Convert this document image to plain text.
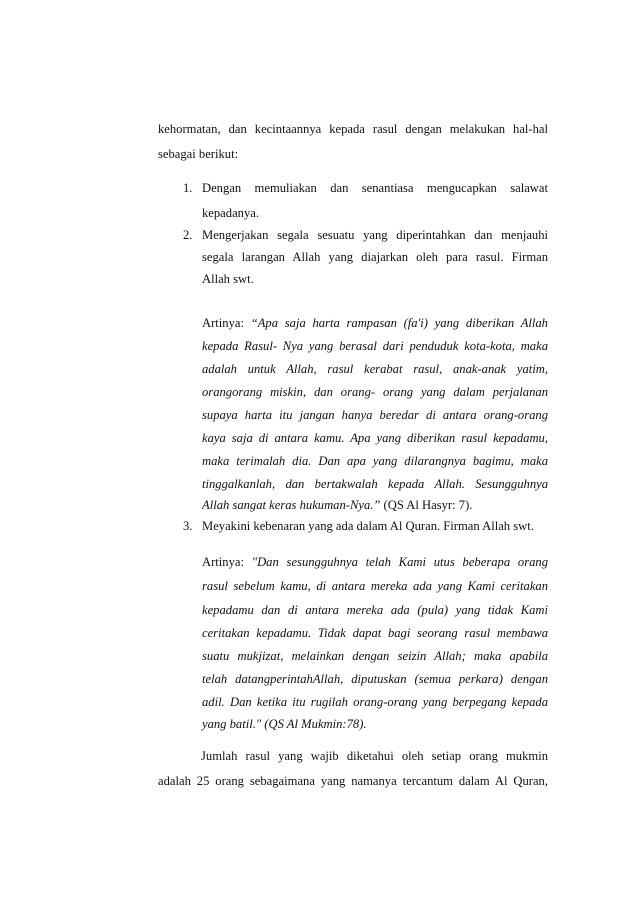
kehormatan, dan kecintaannya kepada rasul dengan melakukan hal-hal
sebagai berikut:
1. Dengan memuliakan dan senantiasa mengucapkan salawat
kepadanya.
2. Mengerjakan segala sesuatu yang diperintahkan dan menjauhi
segala larangan Allah yang diajarkan oleh para rasul. Firman
Allah swt.
Artinya: “Apa saja harta rampasan (fa'i) yang diberikan Allah
kepada Rasul- Nya yang berasal dari penduduk kota-kota, maka
adalah untuk Allah, rasul kerabat rasul, anak-anak yatim,
orangorang miskin, dan orang- orang yang dalam perjalanan
supaya harta itu jangan hanya beredar di antara orang-orang
kaya saja di antara kamu. Apa yang diberikan rasul kepadamu,
maka terimalah dia. Dan apa yang dilarangnya bagimu, maka
tinggalkanlah, dan bertakwalah kepada Allah. Sesungguhnya
Allah sangat keras hukuman-Nya.” (QS Al Hasyr: 7).
3. Meyakini kebenaran yang ada dalam Al Quran. Firman Allah swt.
Artinya: "Dan sesungguhnya telah Kami utus beberapa orang
rasul sebelum kamu, di antara mereka ada yang Kami ceritakan
kepadamu dan di antara mereka ada (pula) yang tidak Kami
ceritakan kepadamu. Tidak dapat bagi seorang rasul membawa
suatu mukjizat, melainkan dengan seizin Allah; maka apabila
telah datangperintahAllah, diputuskan (semua perkara) dengan
adil. Dan ketika itu rugilah orang-orang yang berpegang kepada
yang batil." (QS Al Mukmin:78).
Jumlah rasul yang wajib diketahui oleh setiap orang mukmin
adalah 25 orang sebagaimana yang namanya tercantum dalam Al Quran,
